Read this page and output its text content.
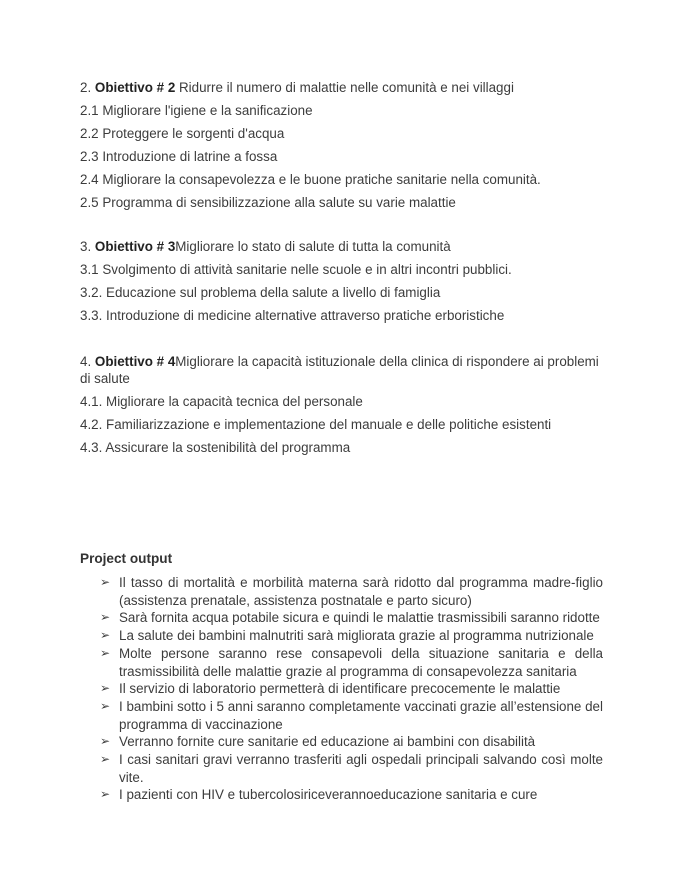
2. Obiettivo # 2 Ridurre il numero di malattie nelle comunità e nei villaggi
2.1 Migliorare l'igiene e la sanificazione
2.2 Proteggere le sorgenti d'acqua
2.3 Introduzione di latrine a fossa
2.4 Migliorare la consapevolezza e le buone pratiche sanitarie nella comunità.
2.5 Programma di sensibilizzazione alla salute su varie malattie
3. Obiettivo # 3Migliorare lo stato di salute di tutta la comunità
3.1 Svolgimento di attività sanitarie nelle scuole e in altri incontri pubblici.
3.2. Educazione sul problema della salute a livello di famiglia
3.3. Introduzione di medicine alternative attraverso pratiche erboristiche
4. Obiettivo # 4Migliorare la capacità istituzionale della clinica di rispondere ai problemi di salute
4.1. Migliorare la capacità tecnica del personale
4.2. Familiarizzazione e implementazione del manuale e delle politiche esistenti
4.3. Assicurare la sostenibilità del programma
Project output
➢ Il tasso di mortalità e morbilità materna sarà ridotto dal programma madre-figlio (assistenza prenatale, assistenza postnatale e parto sicuro)
➢ Sarà fornita acqua potabile sicura e quindi le malattie trasmissibili saranno ridotte
➢ La salute dei bambini malnutriti sarà migliorata grazie al programma nutrizionale
➢ Molte persone saranno rese consapevoli della situazione sanitaria e della trasmissibilità delle malattie grazie al programma di consapevolezza sanitaria
➢ Il servizio di laboratorio permetterà di identificare precocemente le malattie
➢ I bambini sotto i 5 anni saranno completamente vaccinati grazie all’estensione del programma di vaccinazione
➢ Verranno fornite cure sanitarie ed educazione ai bambini con disabilità
➢ I casi sanitari gravi verranno trasferiti agli ospedali principali salvando così molte vite.
➢ I pazienti con HIV e tubercolosiriceverannoeducazione sanitaria e cure
